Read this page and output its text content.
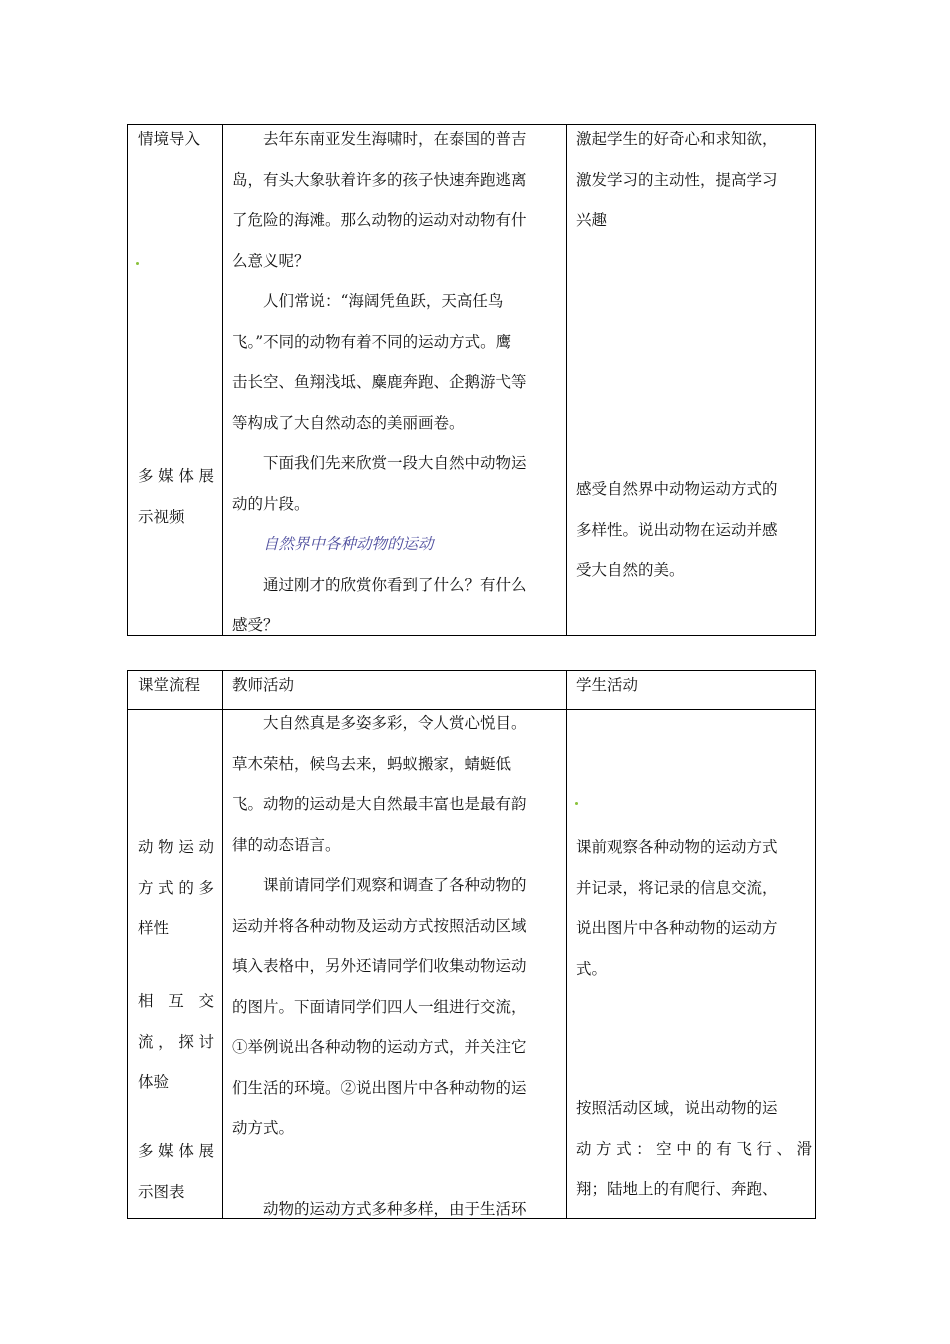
情境导入
多媒体展
示视频

去年东南亚发生海啸时，在泰国的普吉

岛，有头大象驮着许多的孩子快速奔跑逃离

了危险的海滩。那么动物的运动对动物有什

么意义呢？

人们常说：“海阔凭鱼跃，天高任鸟

飞。”不同的动物有着不同的运动方式。鹰

击长空、鱼翔浅坻、麋鹿奔跑、企鹅游弋等

等构成了大自然动态的美丽画卷。

下面我们先来欣赏一段大自然中动物运

动的片段。

自然界中各种动物的运动

通过刚才的欣赏你看到了什么？有什么

感受？

激起学生的好奇心和求知欲，
激发学习的主动性，提高学习
兴趣
感受自然界中动物运动方式的
多样性。说出动物在运动并感
受大自然的美。
课堂流程	教师活动	学生活动
动物运动
方式的多
样性
相互交
流，探讨
体验
多媒体展
示图表

大自然真是多姿多彩，令人赏心悦目。

草木荣枯，候鸟去来，蚂蚁搬家，蜻蜓低

飞。动物的运动是大自然最丰富也是最有韵

律的动态语言。

课前请同学们观察和调查了各种动物的

运动并将各种动物及运动方式按照活动区域

填入表格中，另外还请同学们收集动物运动

的图片。下面请同学们四人一组进行交流，

①举例说出各种动物的运动方式，并关注它

们生活的环境。②说出图片中各种动物的运

动方式。

动物的运动方式多种多样，由于生活环

课前观察各种动物的运动方式
并记录，将记录的信息交流，
说出图片中各种动物的运动方
式。
按照活动区域，说出动物的运
动方式：空中的有飞行、滑
翔；陆地上的有爬行、奔跑、
